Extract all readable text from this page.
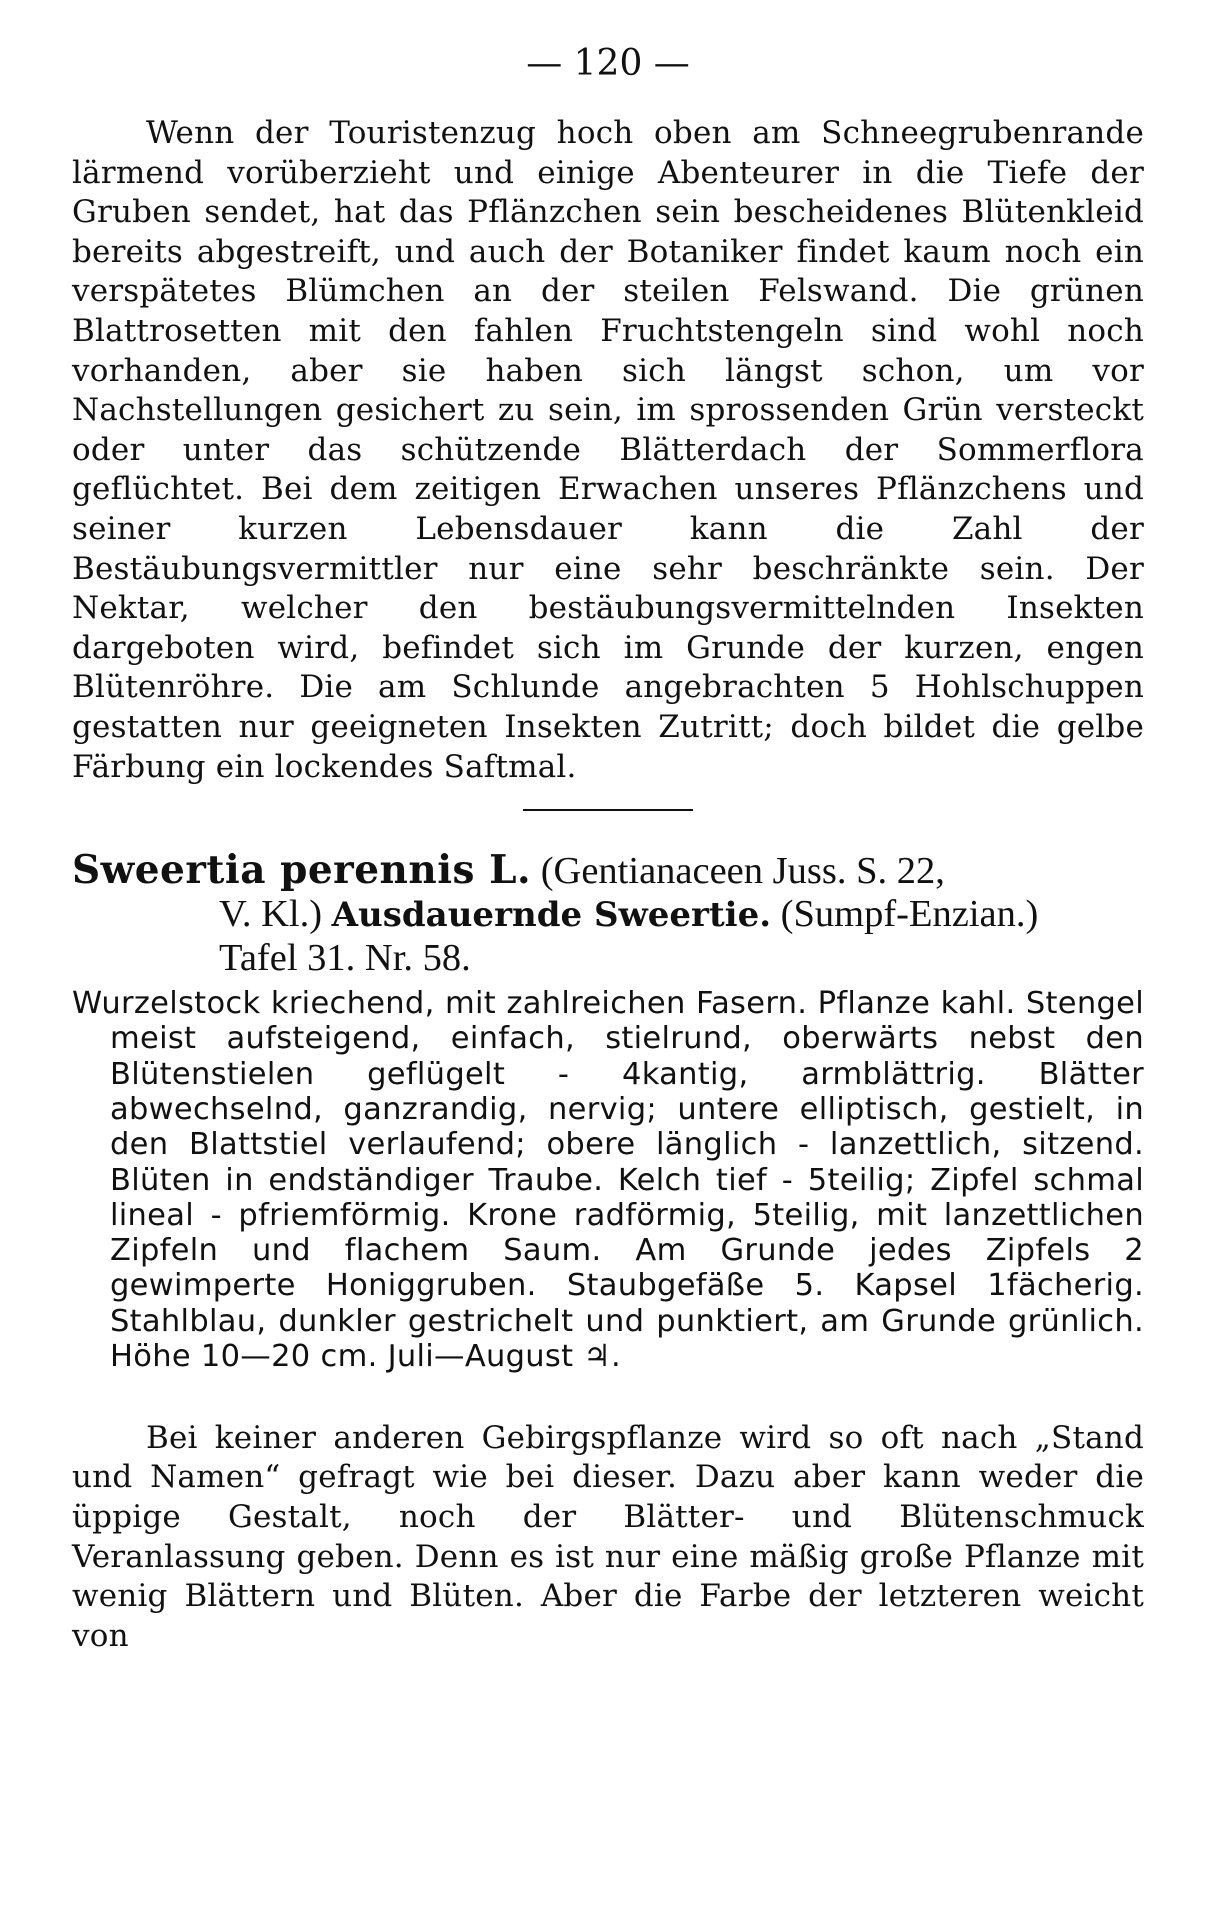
— 120 —

Wenn der Touristenzug hoch oben am Schneegrubenrande lärmend vorüberzieht und einige Abenteurer in die Tiefe der Gruben sendet, hat das Pflänzchen sein bescheidenes Blütenkleid bereits abgestreift, und auch der Botaniker findet kaum noch ein verspätetes Blümchen an der steilen Felswand. Die grünen Blattrosetten mit den fahlen Fruchtstengeln sind wohl noch vorhanden, aber sie haben sich längst schon, um vor Nachstellungen gesichert zu sein, im sprossenden Grün versteckt oder unter das schützende Blätterdach der Sommerflora geflüchtet. Bei dem zeitigen Erwachen unseres Pflänzchens und seiner kurzen Lebensdauer kann die Zahl der Bestäubungsvermittler nur eine sehr beschränkte sein. Der Nektar, welcher den bestäubungsvermittelnden Insekten dargeboten wird, befindet sich im Grunde der kurzen, engen Blütenröhre. Die am Schlunde angebrachten 5 Hohlschuppen gestatten nur geeigneten Insekten Zutritt; doch bildet die gelbe Färbung ein lockendes Saftmal.

Sweertia perennis L. (Gentianaceen Juss. S. 22,
V. Kl.) Ausdauernde Sweertie. (Sumpf-Enzian.)
Tafel 31. Nr. 58.

Wurzelstock kriechend, mit zahlreichen Fasern. Pflanze kahl. Stengel meist aufsteigend, einfach, stielrund, oberwärts nebst den Blütenstielen geflügelt - 4kantig, armblättrig. Blätter abwechselnd, ganzrandig, nervig; untere elliptisch, gestielt, in den Blattstiel verlaufend; obere länglich - lanzettlich, sitzend. Blüten in endständiger Traube. Kelch tief - 5teilig; Zipfel schmal lineal - pfriemförmig. Krone radförmig, 5teilig, mit lanzettlichen Zipfeln und flachem Saum. Am Grunde jedes Zipfels 2 gewimperte Honiggruben. Staubgefäße 5. Kapsel 1fächerig. Stahlblau, dunkler gestrichelt und punktiert, am Grunde grünlich. Höhe 10—20 cm. Juli—August ♃.

Bei keiner anderen Gebirgspflanze wird so oft nach „Stand und Namen“ gefragt wie bei dieser. Dazu aber kann weder die üppige Gestalt, noch der Blätter- und Blütenschmuck Veranlassung geben. Denn es ist nur eine mäßig große Pflanze mit wenig Blättern und Blüten. Aber die Farbe der letzteren weicht von
